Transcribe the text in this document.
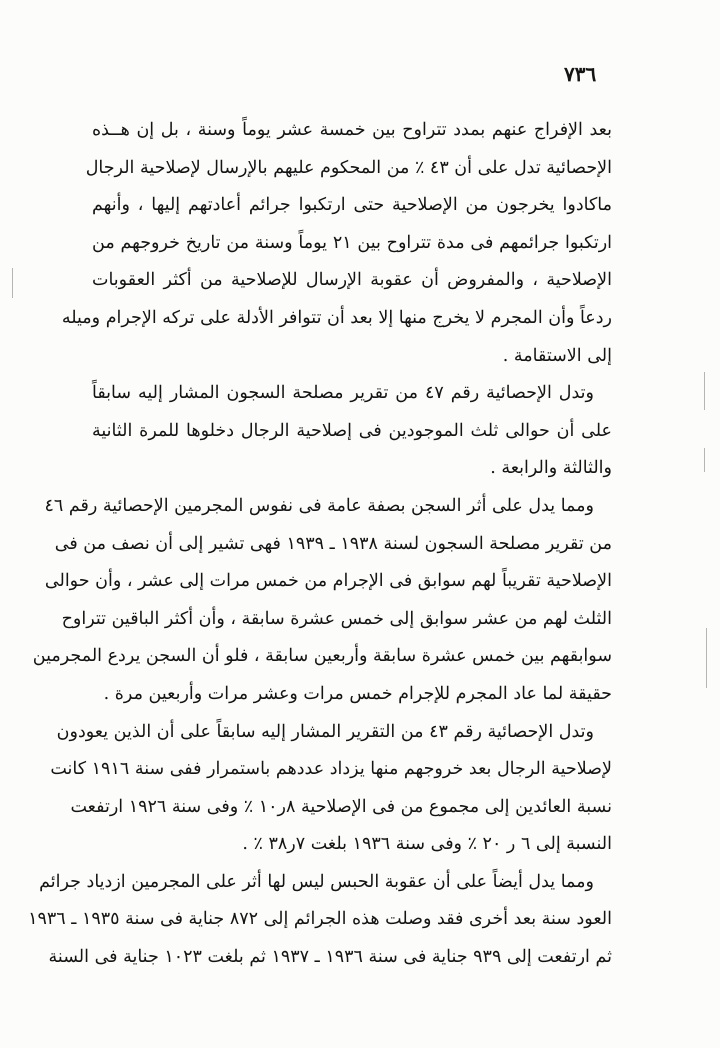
٧٣٦
بعد الإفراج عنهم بمدد تتراوح بين خمسة عشر يوماً وسنة ، بل إن هــذه
الإحصائية تدل على أن ٤٣ ٪ من المحكوم عليهم بالإرسال لإصلاحية الرجال
ماكادوا يخرجون من الإصلاحية حتى ارتكبوا جرائم أعادتهم إليها ، وأنهم
ارتكبوا جرائمهم فى مدة تتراوح بين ٢١ يوماً وسنة من تاريخ خروجهم من
الإصلاحية ، والمفروض أن عقوبة الإرسال للإصلاحية من أكثر العقوبات
ردعاً وأن المجرم لا يخرج منها إلا بعد أن تتوافر الأدلة على تركه الإجرام وميله
إلى الاستقامة .
وتدل الإحصائية رقم ٤٧ من تقرير مصلحة السجون المشار إليه سابقاً
على أن حوالى ثلث الموجودين فى إصلاحية الرجال دخلوها للمرة الثانية
والثالثة والرابعة .
ومما يدل على أثر السجن بصفة عامة فى نفوس المجرمين الإحصائية رقم ٤٦
من تقرير مصلحة السجون لسنة ١٩٣٨ ـ ١٩٣٩ فهى تشير إلى أن نصف من فى
الإصلاحية تقريباً لهم سوابق فى الإجرام من خمس مرات إلى عشر ، وأن حوالى
الثلث لهم من عشر سوابق إلى خمس عشرة سابقة ، وأن أكثر الباقين تتراوح
سوابقهم بين خمس عشرة سابقة وأربعين سابقة ، فلو أن السجن يردع المجرمين
حقيقة لما عاد المجرم للإجرام خمس مرات وعشر مرات وأربعين مرة .
وتدل الإحصائية رقم ٤٣ من التقرير المشار إليه سابقاً على أن الذين يعودون
لإصلاحية الرجال بعد خروجهم منها يزداد عددهم باستمرار ففى سنة ١٩١٦ كانت
نسبة العائدين إلى مجموع من فى الإصلاحية ٨ر١٠ ٪ وفى سنة ١٩٢٦ ارتفعت
النسبة إلى ٦ ر ٢٠ ٪ وفى سنة ١٩٣٦ بلغت ٧ر٣٨ ٪ .
ومما يدل أيضاً على أن عقوبة الحبس ليس لها أثر على المجرمين ازدياد جرائم
العود سنة بعد أخرى فقد وصلت هذه الجرائم إلى ٨٧٢ جناية فى سنة ١٩٣٥ ـ ١٩٣٦
ثم ارتفعت إلى ٩٣٩ جناية فى سنة ١٩٣٦ ـ ١٩٣٧ ثم بلغت ١٠٢٣ جناية فى السنة
